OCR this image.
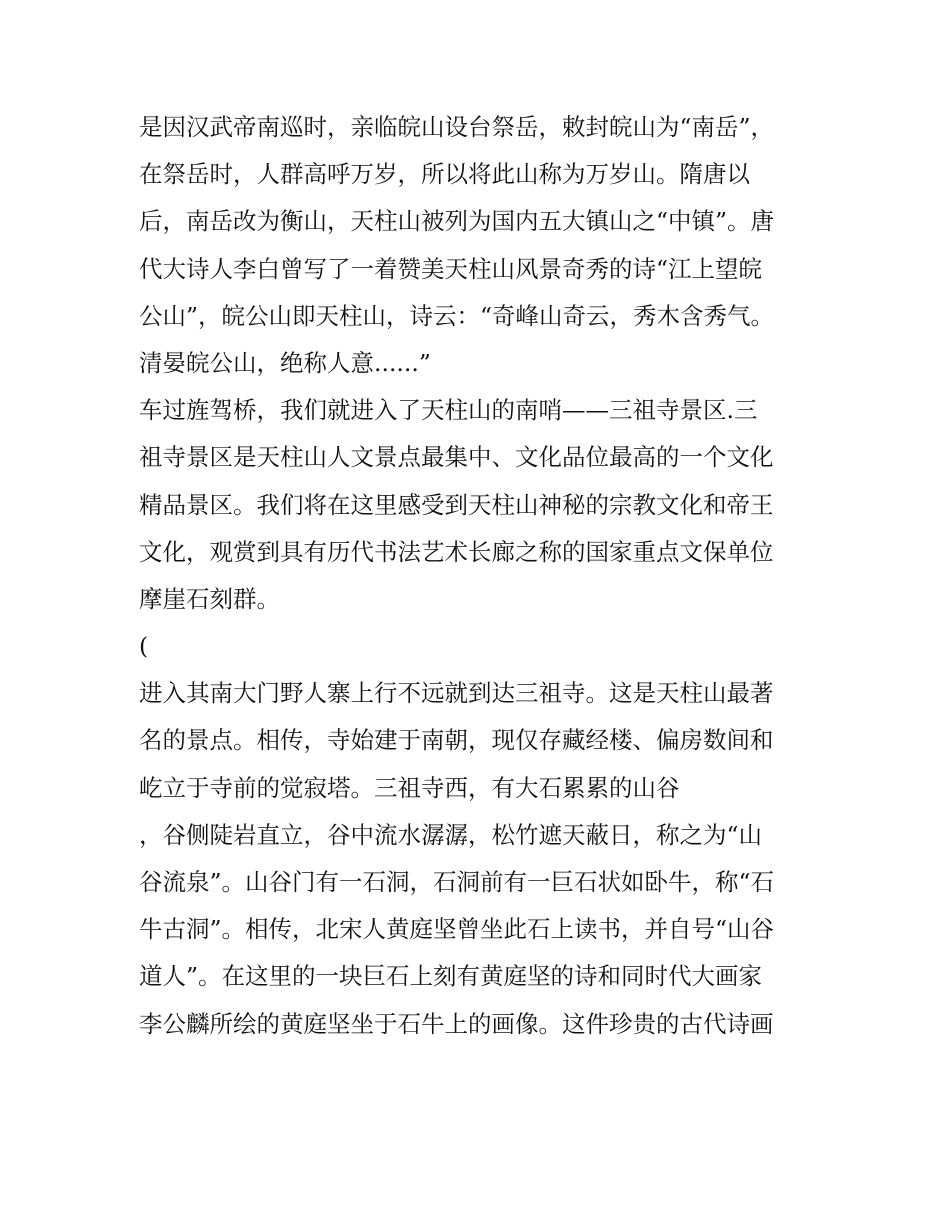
是因汉武帝南巡时，亲临皖山设台祭岳，敕封皖山为“南岳”，
在祭岳时，人群高呼万岁，所以将此山称为万岁山。隋唐以
后，南岳改为衡山，天柱山被列为国内五大镇山之“中镇”。唐
代大诗人李白曾写了一着赞美天柱山风景奇秀的诗“江上望皖
公山”，皖公山即天柱山，诗云：“奇峰山奇云，秀木含秀气。
清晏皖公山，绝称人意......”
车过旌驾桥，我们就进入了天柱山的南哨——三祖寺景区.三
祖寺景区是天柱山人文景点最集中、文化品位最高的一个文化
精品景区。我们将在这里感受到天柱山神秘的宗教文化和帝王
文化，观赏到具有历代书法艺术长廊之称的国家重点文保单位
摩崖石刻群。
(
进入其南大门野人寨上行不远就到达三祖寺。这是天柱山最著
名的景点。相传，寺始建于南朝，现仅存藏经楼、偏房数间和
屹立于寺前的觉寂塔。三祖寺西，有大石累累的山谷
，谷侧陡岩直立，谷中流水潺潺，松竹遮天蔽日，称之为“山
谷流泉”。山谷门有一石洞，石洞前有一巨石状如卧牛，称“石
牛古洞”。相传，北宋人黄庭坚曾坐此石上读书，并自号“山谷
道人”。在这里的一块巨石上刻有黄庭坚的诗和同时代大画家
李公麟所绘的黄庭坚坐于石牛上的画像。这件珍贵的古代诗画
